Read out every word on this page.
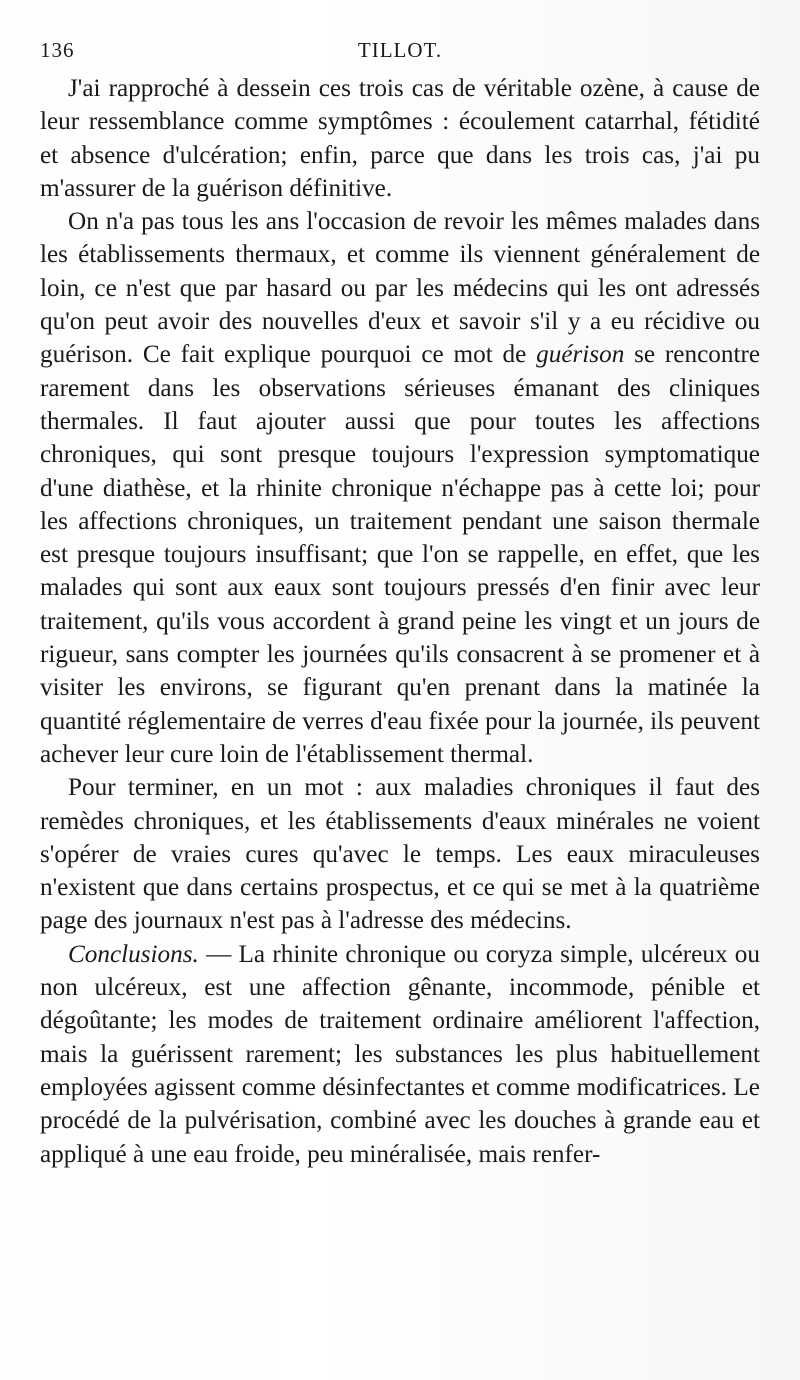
136	TILLOT.

J'ai rapproché à dessein ces trois cas de véritable ozène, à cause de leur ressemblance comme symptômes : écoulement catarrhal, fétidité et absence d'ulcération; enfin, parce que dans les trois cas, j'ai pu m'assurer de la guérison définitive.

On n'a pas tous les ans l'occasion de revoir les mêmes malades dans les établissements thermaux, et comme ils viennent généralement de loin, ce n'est que par hasard ou par les médecins qui les ont adressés qu'on peut avoir des nouvelles d'eux et savoir s'il y a eu récidive ou guérison. Ce fait explique pourquoi ce mot de guérison se rencontre rarement dans les observations sérieuses émanant des cliniques thermales. Il faut ajouter aussi que pour toutes les affections chroniques, qui sont presque toujours l'expression symptomatique d'une diathèse, et la rhinite chronique n'échappe pas à cette loi; pour les affections chroniques, un traitement pendant une saison thermale est presque toujours insuffisant; que l'on se rappelle, en effet, que les malades qui sont aux eaux sont toujours pressés d'en finir avec leur traitement, qu'ils vous accordent à grand peine les vingt et un jours de rigueur, sans compter les journées qu'ils consacrent à se promener et à visiter les environs, se figurant qu'en prenant dans la matinée la quantité réglementaire de verres d'eau fixée pour la journée, ils peuvent achever leur cure loin de l'établissement thermal.

Pour terminer, en un mot : aux maladies chroniques il faut des remèdes chroniques, et les établissements d'eaux minérales ne voient s'opérer de vraies cures qu'avec le temps. Les eaux miraculeuses n'existent que dans certains prospectus, et ce qui se met à la quatrième page des journaux n'est pas à l'adresse des médecins.

Conclusions. — La rhinite chronique ou coryza simple, ulcéreux ou non ulcéreux, est une affection gênante, incommode, pénible et dégoûtante; les modes de traitement ordinaire améliorent l'affection, mais la guérissent rarement; les substances les plus habituellement employées agissent comme désinfectantes et comme modificatrices. Le procédé de la pulvérisation, combiné avec les douches à grande eau et appliqué à une eau froide, peu minéralisée, mais renfer-
